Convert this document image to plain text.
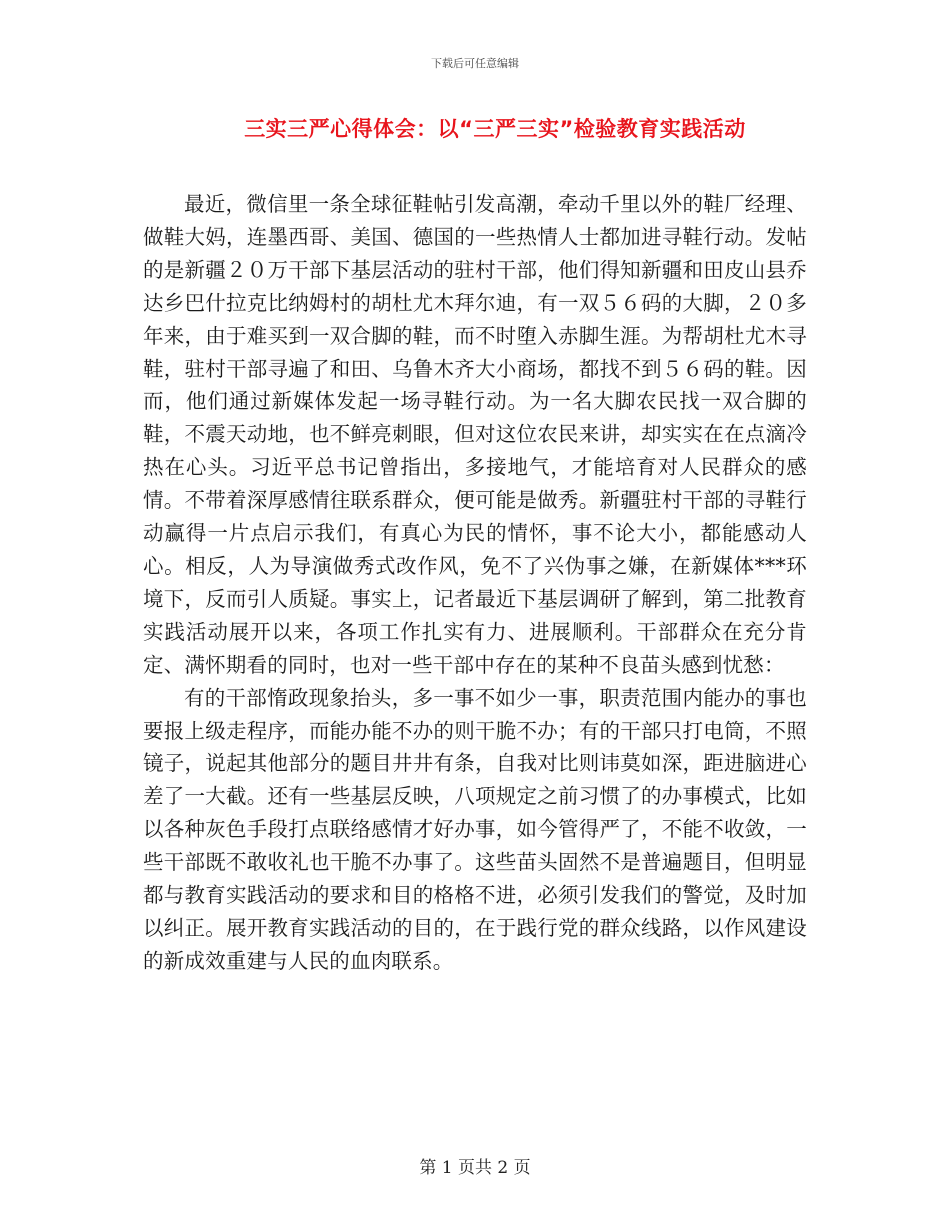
下载后可任意编辑
三实三严心得体会：以“三严三实”检验教育实践活动

最近，微信里一条全球征鞋帖引发高潮，牵动千里以外的鞋厂经理、做鞋大妈，连墨西哥、美国、德国的一些热情人士都加进寻鞋行动。发帖的是新疆２０万干部下基层活动的驻村干部，他们得知新疆和田皮山县乔达乡巴什拉克比纳姆村的胡杜尤木拜尔迪，有一双５６码的大脚，２０多年来，由于难买到一双合脚的鞋，而不时堕入赤脚生涯。为帮胡杜尤木寻鞋，驻村干部寻遍了和田、乌鲁木齐大小商场，都找不到５６码的鞋。因而，他们通过新媒体发起一场寻鞋行动。为一名大脚农民找一双合脚的鞋，不震天动地，也不鲜亮刺眼，但对这位农民来讲，却实实在在点滴冷热在心头。习近平总书记曾指出，多接地气，才能培育对人民群众的感情。不带着深厚感情往联系群众，便可能是做秀。新疆驻村干部的寻鞋行动赢得一片点启示我们，有真心为民的情怀，事不论大小，都能感动人心。相反，人为导演做秀式改作风，免不了兴伪事之嫌，在新媒体***环境下，反而引人质疑。事实上，记者最近下基层调研了解到，第二批教育实践活动展开以来，各项工作扎实有力、进展顺利。干部群众在充分肯定、满怀期看的同时，也对一些干部中存在的某种不良苗头感到忧愁：

有的干部惰政现象抬头，多一事不如少一事，职责范围内能办的事也要报上级走程序，而能办能不办的则干脆不办；有的干部只打电筒，不照镜子，说起其他部分的题目井井有条，自我对比则讳莫如深，距进脑进心差了一大截。还有一些基层反映，八项规定之前习惯了的办事模式，比如以各种灰色手段打点联络感情才好办事，如今管得严了，不能不收敛，一些干部既不敢收礼也干脆不办事了。这些苗头固然不是普遍题目，但明显都与教育实践活动的要求和目的格格不进，必须引发我们的警觉，及时加以纠正。展开教育实践活动的目的，在于践行党的群众线路，以作风建设的新成效重建与人民的血肉联系。

第 1 页共 2 页
